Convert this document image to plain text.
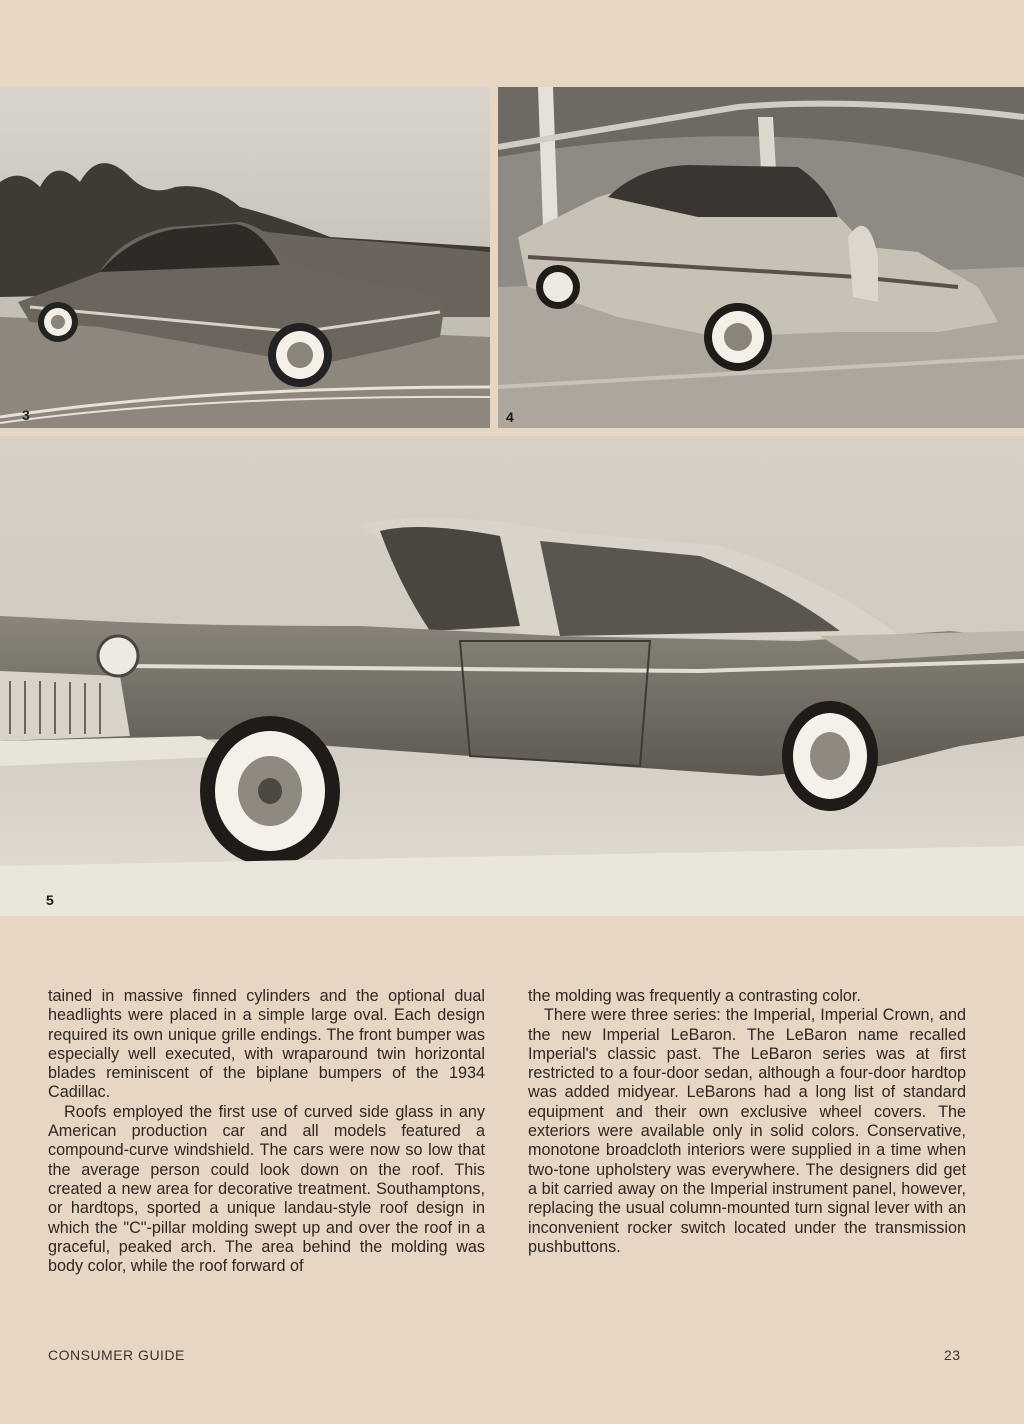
3	4
5

tained in massive finned cylinders and the optional dual headlights were placed in a simple large oval. Each design required its own unique grille endings. The front bumper was especially well executed, with wraparound twin horizontal blades reminiscent of the biplane bumpers of the 1934 Cadillac.

Roofs employed the first use of curved side glass in any American production car and all models featured a compound-curve windshield. The cars were now so low that the average person could look down on the roof. This created a new area for decorative treatment. Southamptons, or hardtops, sported a unique landau-style roof design in which the "C"-pillar molding swept up and over the roof in a graceful, peaked arch. The area behind the molding was body color, while the roof forward of

the molding was frequently a contrasting color.

There were three series: the Imperial, Imperial Crown, and the new Imperial LeBaron. The LeBaron name recalled Imperial's classic past. The LeBaron series was at first restricted to a four-door sedan, although a four-door hardtop was added midyear. LeBarons had a long list of standard equipment and their own exclusive wheel covers. The exteriors were available only in solid colors. Conservative, monotone broadcloth interiors were supplied in a time when two-tone upholstery was everywhere. The designers did get a bit carried away on the Imperial instrument panel, however, replacing the usual column-mounted turn signal lever with an inconvenient rocker switch located under the transmission pushbuttons.

CONSUMER GUIDE	23
